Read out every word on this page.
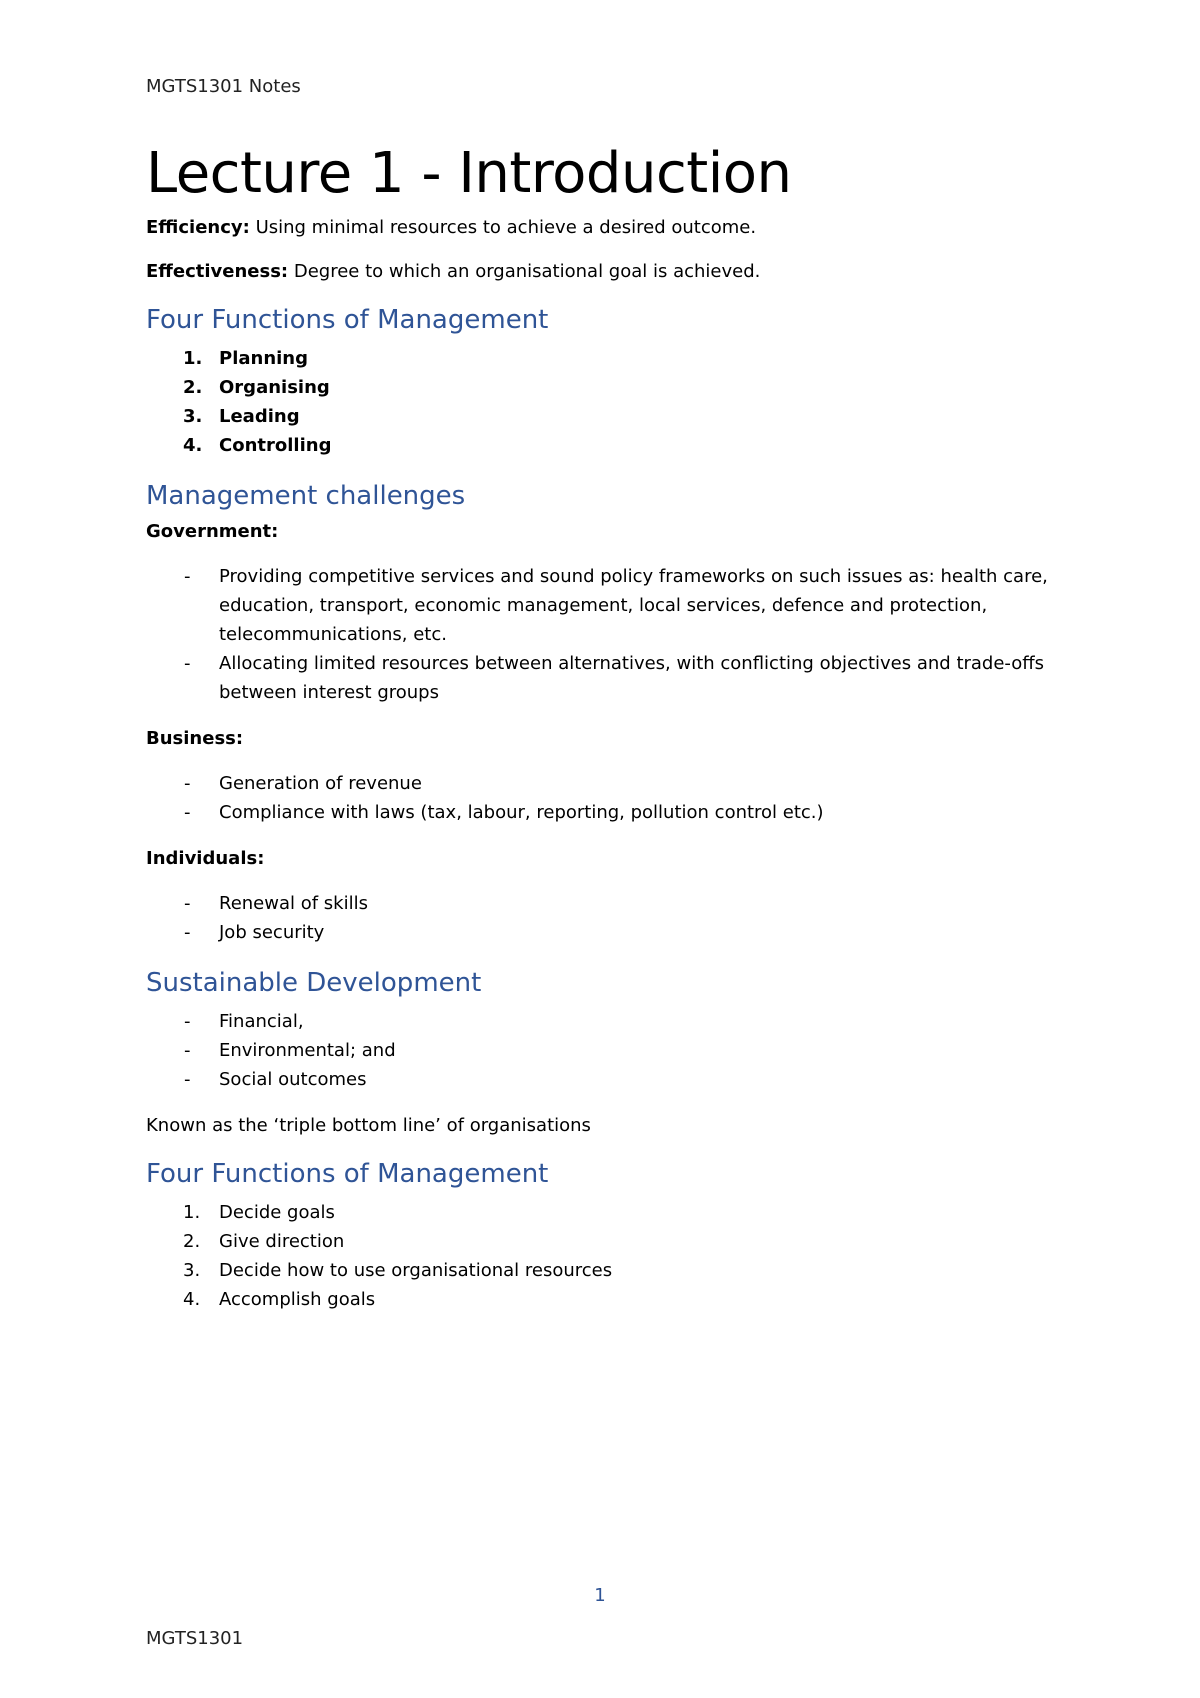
MGTS1301 Notes
Lecture 1 - Introduction

Efficiency: Using minimal resources to achieve a desired outcome.

Effectiveness: Degree to which an organisational goal is achieved.

Four Functions of Management
1. Planning
2. Organising
3. Leading
4. Controlling
Management challenges
Government:
- Providing competitive services and sound policy frameworks on such issues as: health care, education, transport, economic management, local services, defence and protection, telecommunications, etc.
- Allocating limited resources between alternatives, with conflicting objectives and trade-offs between interest groups
Business:
- Generation of revenue
- Compliance with laws (tax, labour, reporting, pollution control etc.)
Individuals:
- Renewal of skills
- Job security
Sustainable Development
- Financial,
- Environmental; and
- Social outcomes

Known as the ‘triple bottom line’ of organisations

Four Functions of Management
1. Decide goals
2. Give direction
3. Decide how to use organisational resources
4. Accomplish goals
1
MGTS1301
